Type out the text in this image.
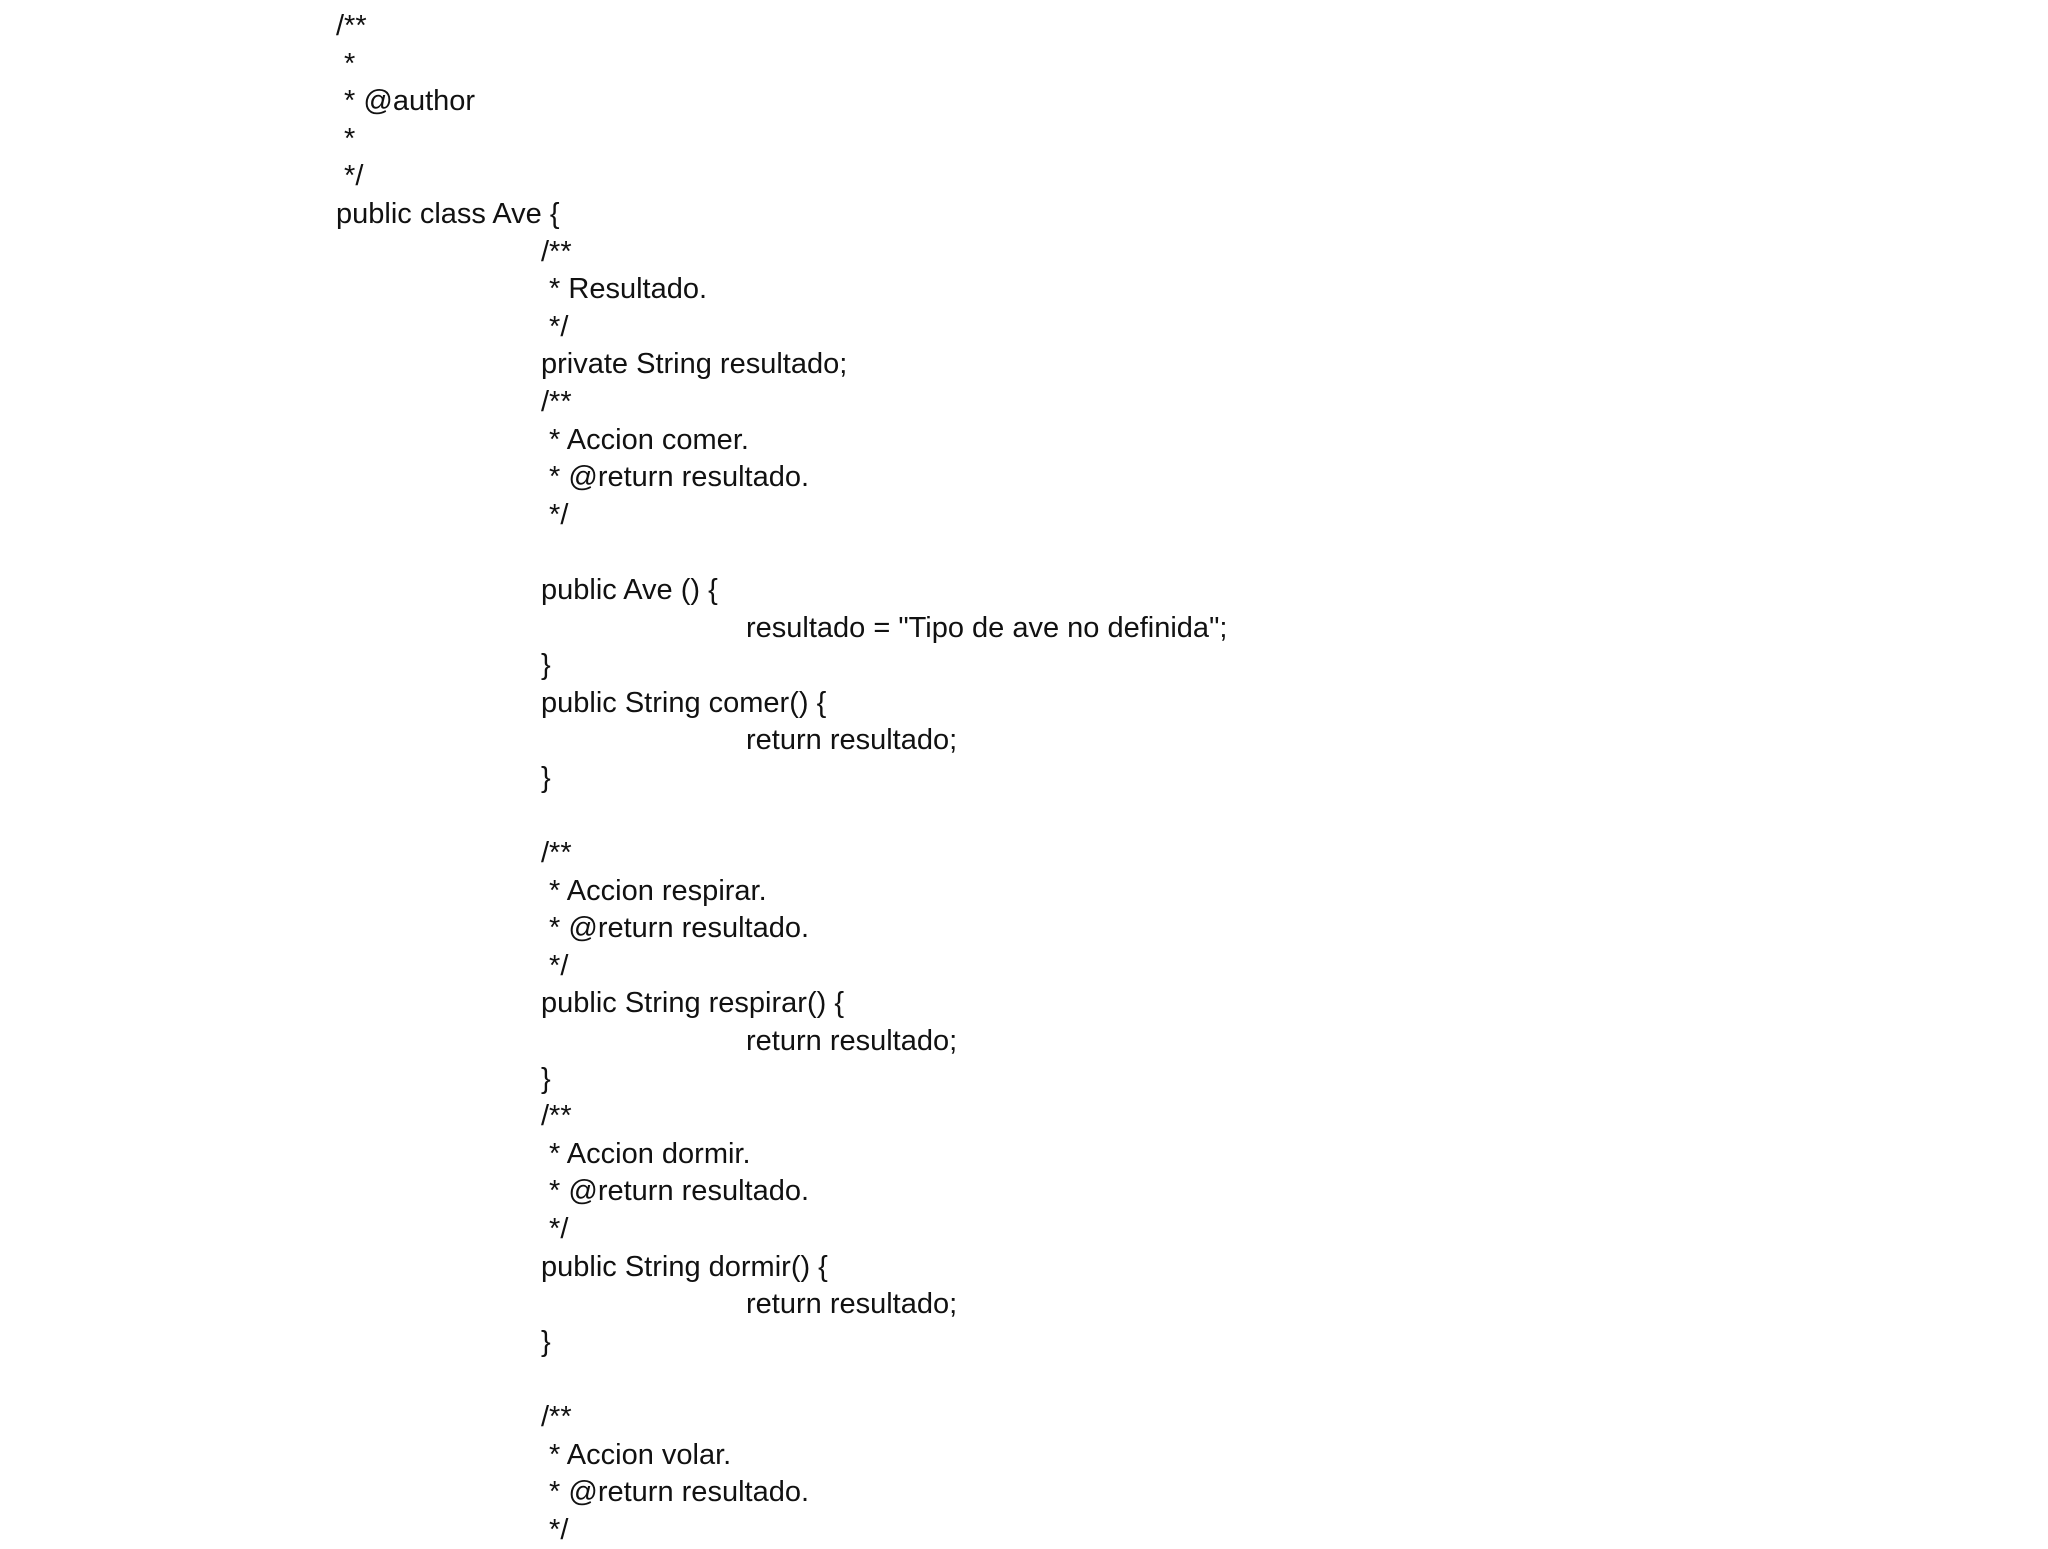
/**
*
* @author
*
*/
public class Ave {
/**
* Resultado.
*/
private String resultado;
/**
* Accion comer.
* @return resultado.
*/
public Ave () {
resultado = "Tipo de ave no definida";
}
public String comer() {
return resultado;
}
/**
* Accion respirar.
* @return resultado.
*/
public String respirar() {
return resultado;
}
/**
* Accion dormir.
* @return resultado.
*/
public String dormir() {
return resultado;
}
/**
* Accion volar.
* @return resultado.
*/
